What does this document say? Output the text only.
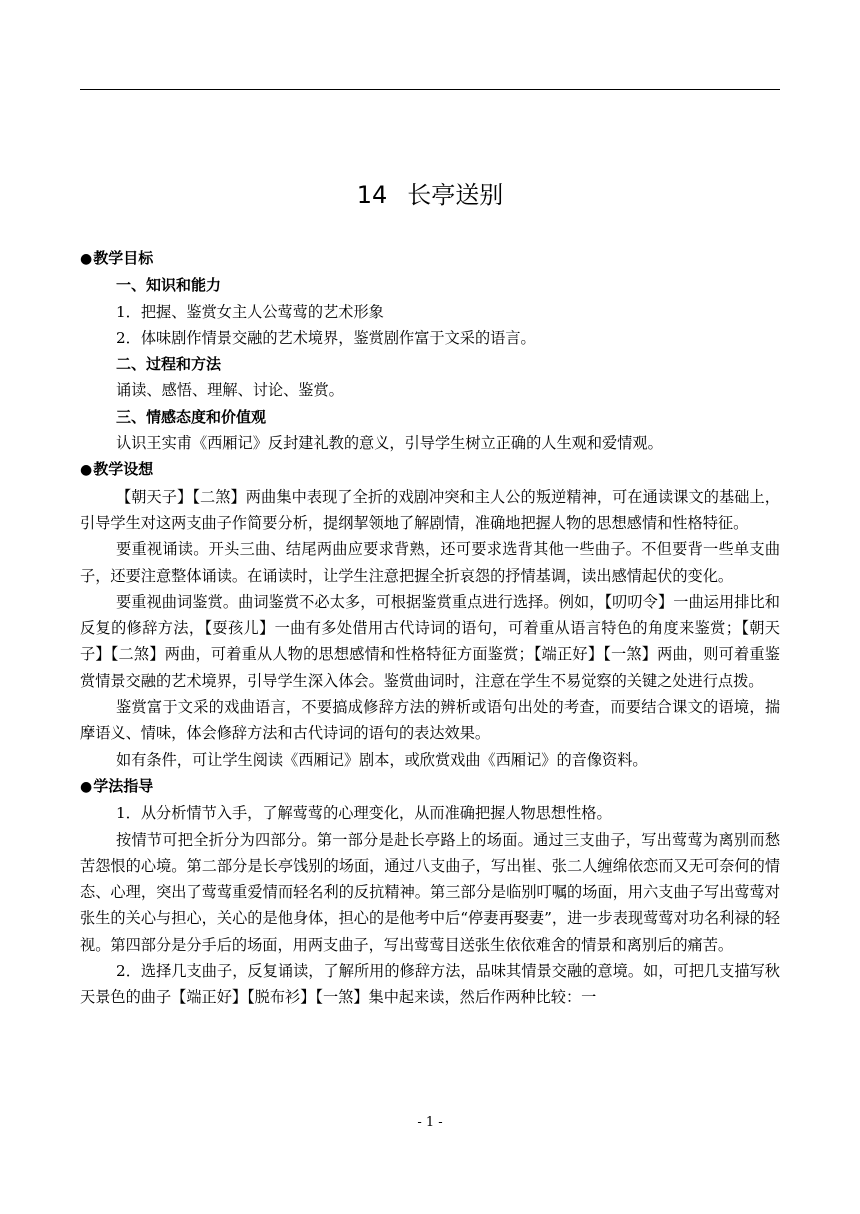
14 长亭送别

●教学目标

一、知识和能力

1．把握、鉴赏女主人公莺莺的艺术形象

2．体味剧作情景交融的艺术境界，鉴赏剧作富于文采的语言。

二、过程和方法

诵读、感悟、理解、讨论、鉴赏。

三、情感态度和价值观

认识王实甫《西厢记》反封建礼教的意义，引导学生树立正确的人生观和爱情观。

●教学设想

【朝天子】【二煞】两曲集中表现了全折的戏剧冲突和主人公的叛逆精神，可在通读课文的基础上，引导学生对这两支曲子作简要分析，提纲挈领地了解剧情，准确地把握人物的思想感情和性格特征。

要重视诵读。开头三曲、结尾两曲应要求背熟，还可要求选背其他一些曲子。不但要背一些单支曲子，还要注意整体诵读。在诵读时，让学生注意把握全折哀怨的抒情基调，读出感情起伏的变化。

要重视曲词鉴赏。曲词鉴赏不必太多，可根据鉴赏重点进行选择。例如，【叨叨令】一曲运用排比和反复的修辞方法，【耍孩儿】一曲有多处借用古代诗词的语句，可着重从语言特色的角度来鉴赏；【朝天子】【二煞】两曲，可着重从人物的思想感情和性格特征方面鉴赏；【端正好】【一煞】两曲，则可着重鉴赏情景交融的艺术境界，引导学生深入体会。鉴赏曲词时，注意在学生不易觉察的关键之处进行点拨。

鉴赏富于文采的戏曲语言，不要搞成修辞方法的辨析或语句出处的考查，而要结合课文的语境，揣摩语义、情味，体会修辞方法和古代诗词的语句的表达效果。

如有条件，可让学生阅读《西厢记》剧本，或欣赏戏曲《西厢记》的音像资料。

●学法指导

1．从分析情节入手，了解莺莺的心理变化，从而准确把握人物思想性格。

按情节可把全折分为四部分。第一部分是赴长亭路上的场面。通过三支曲子，写出莺莺为离别而愁苦怨恨的心境。第二部分是长亭饯别的场面，通过八支曲子，写出崔、张二人缠绵依恋而又无可奈何的情态、心理，突出了莺莺重爱情而轻名利的反抗精神。第三部分是临别叮嘱的场面，用六支曲子写出莺莺对张生的关心与担心，关心的是他身体，担心的是他考中后“停妻再娶妻”，进一步表现莺莺对功名利禄的轻视。第四部分是分手后的场面，用两支曲子，写出莺莺目送张生依依难舍的情景和离别后的痛苦。

2．选择几支曲子，反复诵读，了解所用的修辞方法，品味其情景交融的意境。如，可把几支描写秋天景色的曲子【端正好】【脱布衫】【一煞】集中起来读，然后作两种比较：一

- 1 -
